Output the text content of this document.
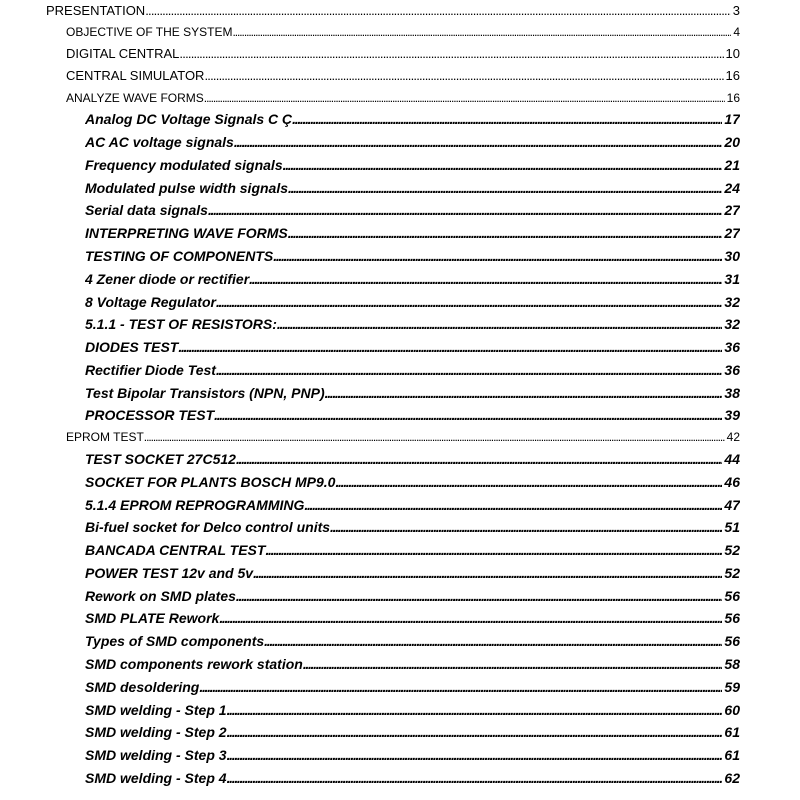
PRESENTATION . . .	3
OBJECTIVE OF THE SYSTEM . . .	4
DIGITAL CENTRAL . . .	10
CENTRAL SIMULATOR . . .	16
ANALYZE WAVE FORMS . . .	16
Analog DC Voltage Signals C Ç . . .	17
AC AC voltage signals . . .	20
Frequency modulated signals . . .	21
Modulated pulse width signals . . .	24
Serial data signals . . .	27
INTERPRETING WAVE FORMS . . .	27
TESTING OF COMPONENTS . . .	30
4 Zener diode or rectifier . . .	31
8 Voltage Regulator . . .	32
5.1.1 - TEST OF RESISTORS: . . .	32
DIODES TEST . . .	36
Rectifier Diode Test . . .	36
Test Bipolar Transistors (NPN, PNP) . . .	38
PROCESSOR TEST . . .	39
EPROM TEST . . .	42
TEST SOCKET 27C512 . . .	44
SOCKET FOR PLANTS BOSCH MP9.0 . . .	46
5.1.4 EPROM REPROGRAMMING . . .	47
Bi-fuel socket for Delco control units . . .	51
BANCADA CENTRAL TEST . . .	52
POWER TEST 12v and 5v . . .	52
Rework on SMD plates . . .	56
SMD PLATE Rework . . .	56
Types of SMD components . . .	56
SMD components rework station . . .	58
SMD desoldering . . .	59
SMD welding - Step 1 . . .	60
SMD welding - Step 2 . . .	61
SMD welding - Step 3 . . .	61
SMD welding - Step 4 . . .	62
